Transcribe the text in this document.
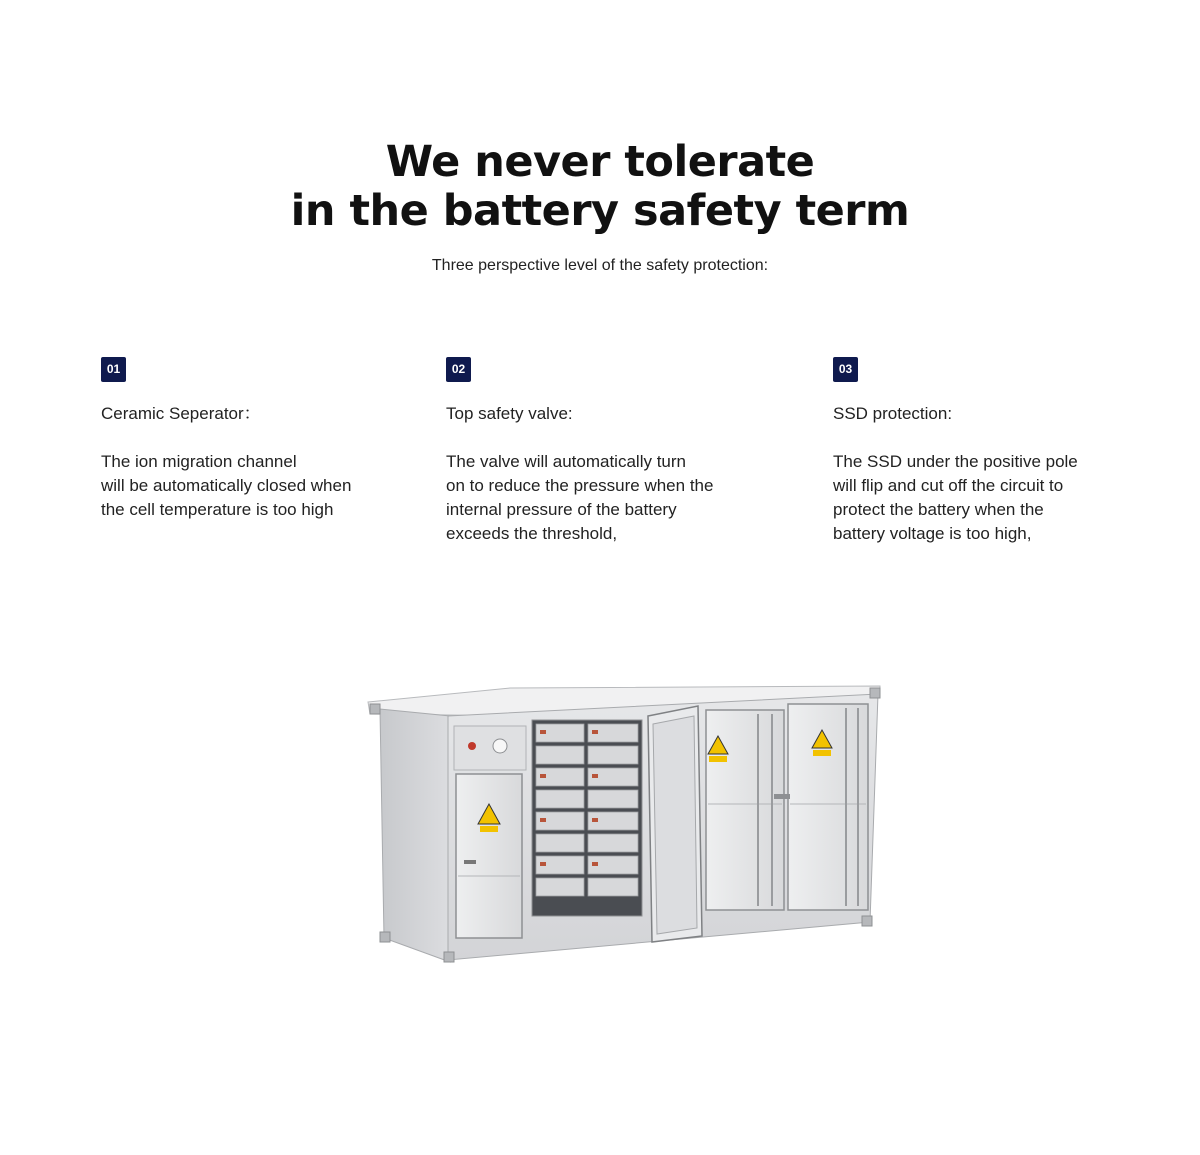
We never tolerate
in the battery safety term
Three perspective level of the safety protection:
01
Ceramic Seperator：
The ion migration channel
will be automatically closed when
the cell temperature is too high
02
Top safety valve:
The valve will automatically turn
on to reduce the pressure when the
internal pressure of the battery
exceeds the threshold,
03
SSD protection:
The SSD under the positive pole
will flip and cut off the circuit to
protect the battery when the
battery voltage is too high,
